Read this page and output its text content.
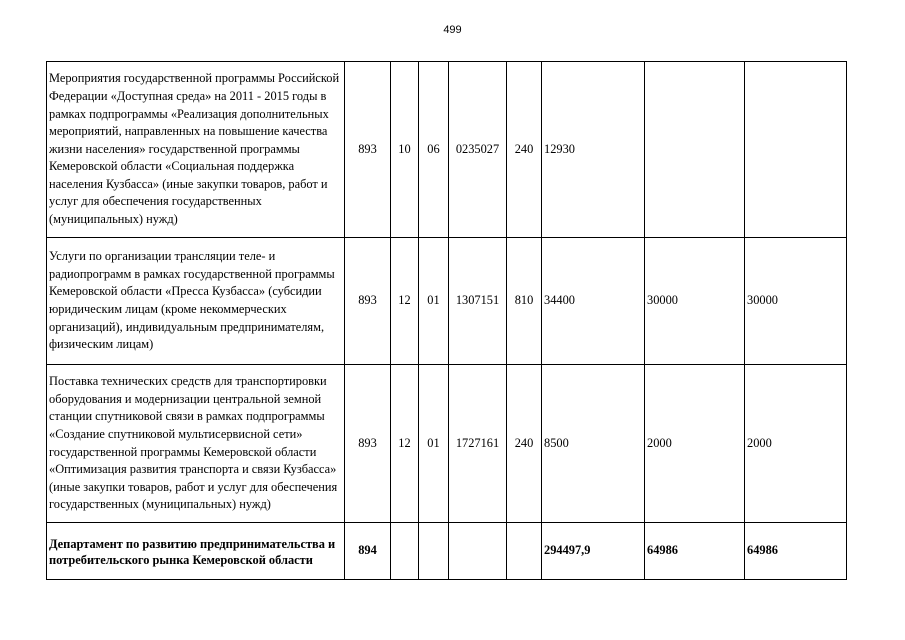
499
Мероприятия государственной программы Российской Федерации «Доступная среда» на 2011 - 2015 годы в рамках подпрограммы «Реализация дополнительных мероприятий, направленных на повышение качества жизни населения» государственной программы Кемеровской области «Социальная поддержка населения Кузбасса» (иные закупки товаров, работ и услуг для обеспечения государственных (муниципальных) нужд)	893	10	06	0235027	240	12930		
Услуги по организации трансляции теле- и радиопрограмм в рамках государственной программы Кемеровской области «Пресса Кузбасса» (субсидии юридическим лицам (кроме некоммерческих организаций), индивидуальным предпринимателям, физическим лицам)	893	12	01	1307151	810	34400	30000	30000
Поставка технических средств для транспортировки оборудования и модернизации центральной земной станции спутниковой связи в рамках подпрограммы «Создание спутниковой мультисервисной сети» государственной программы Кемеровской области «Оптимизация развития транспорта и связи Кузбасса» (иные закупки товаров, работ и услуг для обеспечения государственных (муниципальных) нужд)	893	12	01	1727161	240	8500	2000	2000
Департамент по развитию предпринимательства и потребительского рынка Кемеровской области	894					294497,9	64986	64986
